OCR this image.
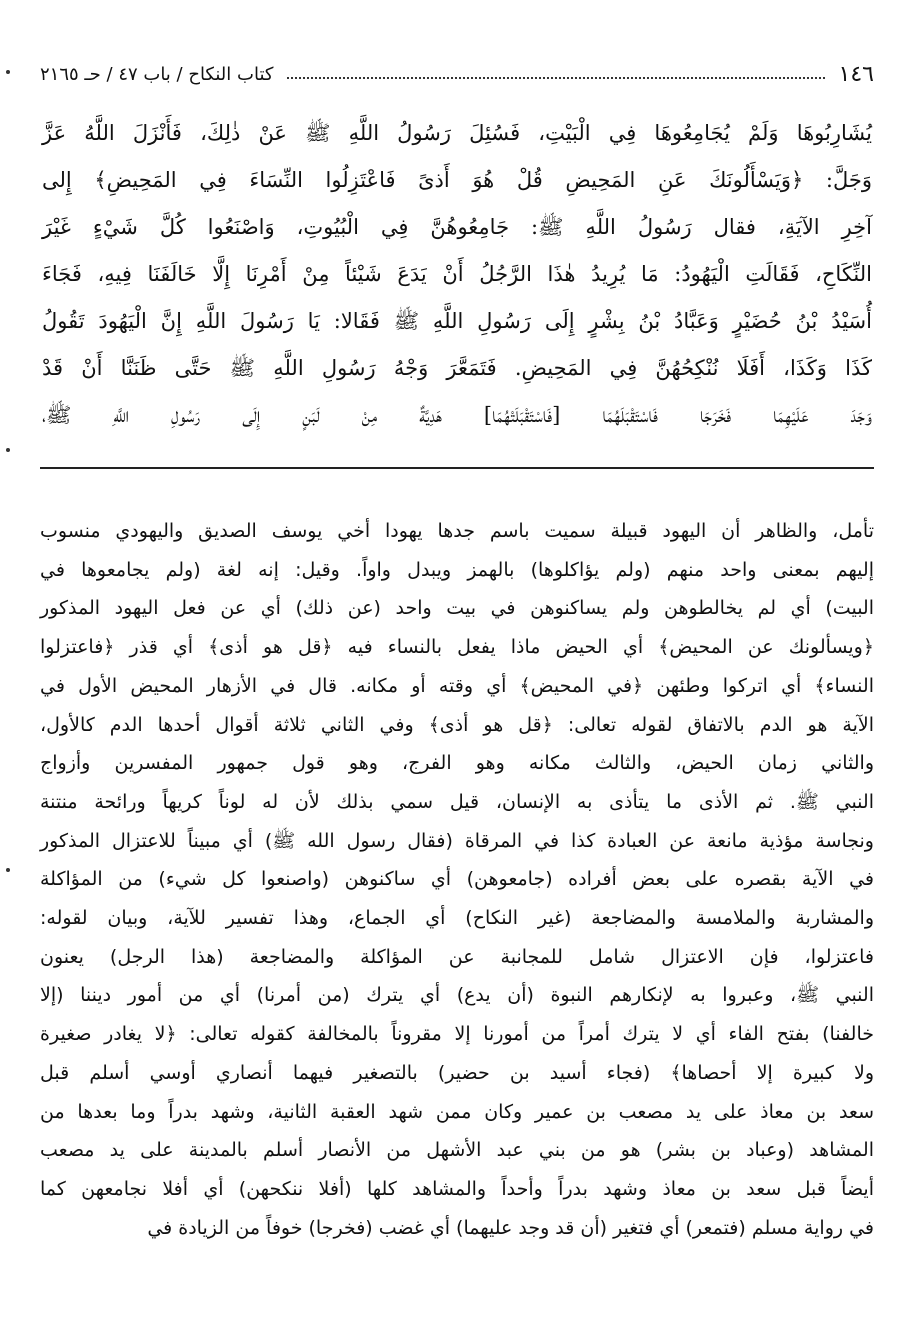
١٤٦
كتاب النكاح / باب ٤٧ / حـ ٢١٦٥

يُشَارِبُوهَا وَلَمْ يُجَامِعُوهَا فِي الْبَيْتِ، فَسُئِلَ رَسُولُ اللَّهِ ﷺ عَنْ ذٰلِكَ، فَأَنْزَلَ اللَّهُ عَزَّ

وَجَلَّ: ﴿وَيَسْأَلُونَكَ عَنِ المَحِيضِ قُلْ هُوَ أَذىً فَاعْتَزِلُوا النِّسَاءَ فِي المَحِيضِ﴾ إِلى

آخِرِ الآيَةِ، فقال رَسُولُ اللَّهِ ﷺ: جَامِعُوهُنَّ فِي الْبُيُوتِ، وَاصْنَعُوا كُلَّ شَيْءٍ غَيْرَ

النِّكَاحِ، فَقَالَتِ الْيَهُودُ: مَا يُرِيدُ هٰذَا الرَّجُلُ أَنْ يَدَعَ شَيْئاً مِنْ أَمْرِنَا إِلَّا خَالَفَنَا فِيهِ، فَجَاءَ

أُسَيْدُ بْنُ حُضَيْرٍ وَعَبَّادُ بْنُ بِشْرٍ إِلَى رَسُولِ اللَّهِ ﷺ فَقَالا: يَا رَسُولَ اللَّهِ إِنَّ الْيَهُودَ تَقُولُ

كَذَا وَكَذَا، أَفَلَا نُنْكِحُهُنَّ فِي المَحِيضِ. فَتَمَعَّرَ وَجْهُ رَسُولِ اللَّهِ ﷺ حَتَّى ظَنَنَّا أَنْ قَدْ

وَجَدَ عَلَيْهِمَا فَخَرَجَا فَاسْتَقْبَلَهُمَا [فَاسْتَقْبَلَتْهُمَا] هَدِيَّةٌ مِنْ لَبَنٍ إِلَى رَسُولِ اللَّهِ ﷺ،

تأمل، والظاهر أن اليهود قبيلة سميت باسم جدها يهودا أخي يوسف الصديق واليهودي منسوب

إليهم بمعنى واحد منهم (ولم يؤاكلوها) بالهمز ويبدل واواً. وقيل: إنه لغة (ولم يجامعوها في

البيت) أي لم يخالطوهن ولم يساكنوهن في بيت واحد (عن ذلك) أي عن فعل اليهود المذكور

﴿ويسألونك عن المحيض﴾ أي الحيض ماذا يفعل بالنساء فيه ﴿قل هو أذى﴾ أي قذر ﴿فاعتزلوا

النساء﴾ أي اتركوا وطئهن ﴿في المحيض﴾ أي وقته أو مكانه. قال في الأزهار المحيض الأول في

الآية هو الدم بالاتفاق لقوله تعالى: ﴿قل هو أذى﴾ وفي الثاني ثلاثة أقوال أحدها الدم كالأول،

والثاني زمان الحيض، والثالث مكانه وهو الفرج، وهو قول جمهور المفسرين وأزواج

النبي ﷺ. ثم الأذى ما يتأذى به الإنسان، قيل سمي بذلك لأن له لوناً كريهاً ورائحة منتنة

ونجاسة مؤذية مانعة عن العبادة كذا في المرقاة (فقال رسول الله ﷺ) أي مبيناً للاعتزال المذكور

في الآية بقصره على بعض أفراده (جامعوهن) أي ساكنوهن (واصنعوا كل شيء) من المؤاكلة

والمشاربة والملامسة والمضاجعة (غير النكاح) أي الجماع، وهذا تفسير للآية، وبيان لقوله:

فاعتزلوا، فإن الاعتزال شامل للمجانبة عن المؤاكلة والمضاجعة (هذا الرجل) يعنون

النبي ﷺ، وعبروا به لإنكارهم النبوة (أن يدع) أي يترك (من أمرنا) أي من أمور ديننا (إلا

خالفنا) بفتح الفاء أي لا يترك أمراً من أمورنا إلا مقروناً بالمخالفة كقوله تعالى: ﴿لا يغادر صغيرة

ولا كبيرة إلا أحصاها﴾ (فجاء أسيد بن حضير) بالتصغير فيهما أنصاري أوسي أسلم قبل

سعد بن معاذ على يد مصعب بن عمير وكان ممن شهد العقبة الثانية، وشهد بدراً وما بعدها من

المشاهد (وعباد بن بشر) هو من بني عبد الأشهل من الأنصار أسلم بالمدينة على يد مصعب

أيضاً قبل سعد بن معاذ وشهد بدراً وأحداً والمشاهد كلها (أفلا ننكحهن) أي أفلا نجامعهن كما

في رواية مسلم (فتمعر) أي فتغير (أن قد وجد عليهما) أي غضب (فخرجا) خوفاً من الزيادة في
